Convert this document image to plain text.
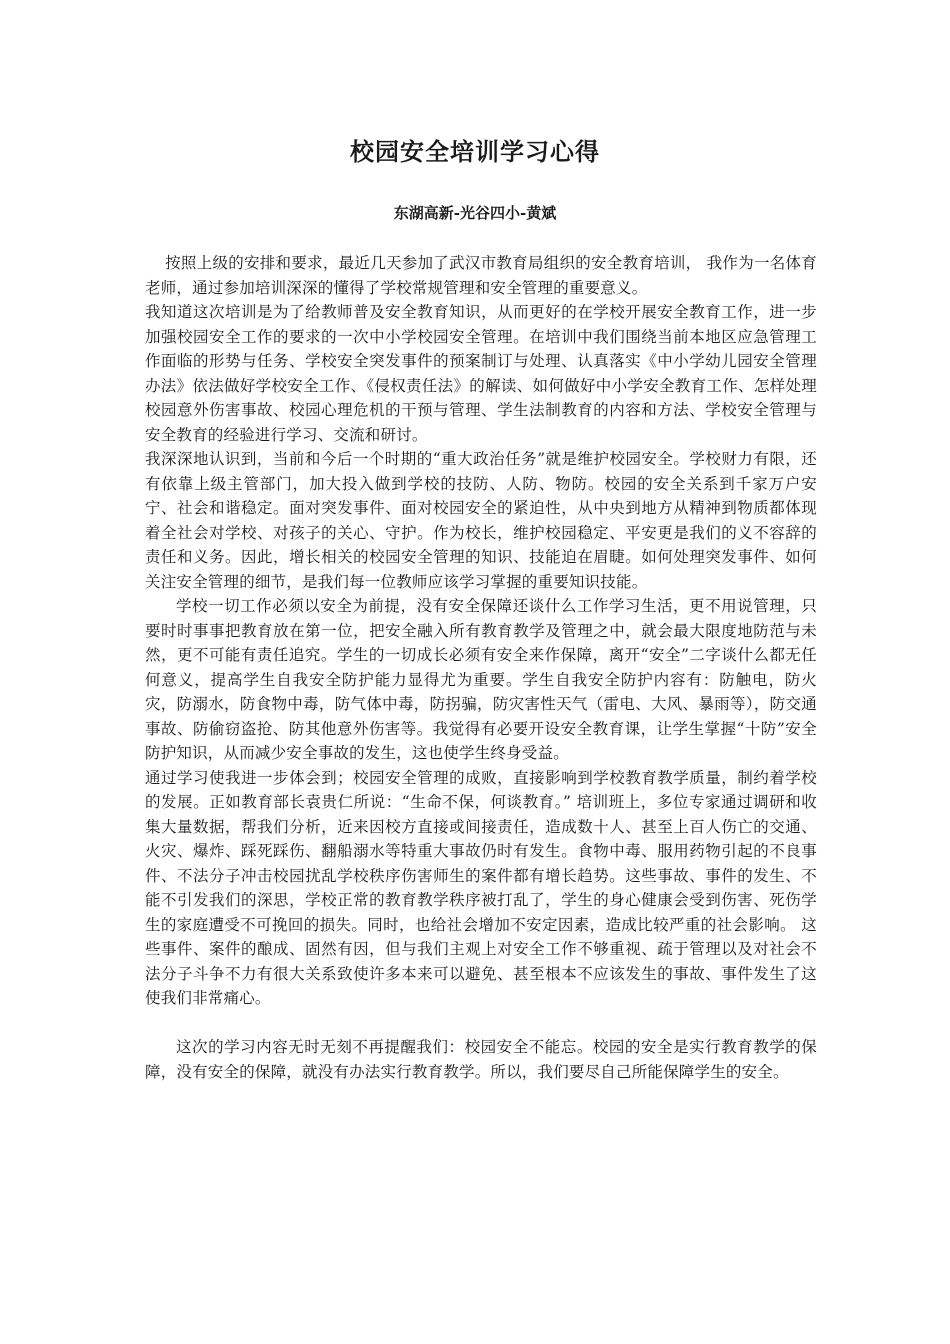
校园安全培训学习心得
东湖高新-光谷四小-黄斌

按照上级的安排和要求，最近几天参加了武汉市教育局组织的安全教育培训， 我作为一名体育老师，通过参加培训深深的懂得了学校常规管理和安全管理的重要意义。

我知道这次培训是为了给教师普及安全教育知识，从而更好的在学校开展安全教育工作，进一步加强校园安全工作的要求的一次中小学校园安全管理。在培训中我们围绕当前本地区应急管理工作面临的形势与任务、学校安全突发事件的预案制订与处理、认真落实《中小学幼儿园安全管理办法》依法做好学校安全工作、《侵权责任法》的解读、如何做好中小学安全教育工作、怎样处理校园意外伤害事故、校园心理危机的干预与管理、学生法制教育的内容和方法、学校安全管理与安全教育的经验进行学习、交流和研讨。

我深深地认识到，当前和今后一个时期的“重大政治任务”就是维护校园安全。学校财力有限，还有依靠上级主管部门，加大投入做到学校的技防、人防、物防。校园的安全关系到千家万户安宁、社会和谐稳定。面对突发事件、面对校园安全的紧迫性，从中央到地方从精神到物质都体现着全社会对学校、对孩子的关心、守护。作为校长，维护校园稳定、平安更是我们的义不容辞的责任和义务。因此，增长相关的校园安全管理的知识、技能迫在眉睫。如何处理突发事件、如何关注安全管理的细节，是我们每一位教师应该学习掌握的重要知识技能。

学校一切工作必须以安全为前提，没有安全保障还谈什么工作学习生活，更不用说管理，只要时时事事把教育放在第一位，把安全融入所有教育教学及管理之中，就会最大限度地防范与未然，更不可能有责任追究。学生的一切成长必须有安全来作保障，离开“安全”二字谈什么都无任何意义，提高学生自我安全防护能力显得尤为重要。学生自我安全防护内容有：防触电，防火灾，防溺水，防食物中毒，防气体中毒，防拐骗，防灾害性天气（雷电、大风、暴雨等），防交通事故、防偷窃盗抢、防其他意外伤害等。我觉得有必要开设安全教育课，让学生掌握“十防”安全防护知识，从而减少安全事故的发生，这也使学生终身受益。

通过学习使我进一步体会到；校园安全管理的成败，直接影响到学校教育教学质量，制约着学校的发展。正如教育部长袁贵仁所说：“生命不保，何谈教育。” 培训班上，多位专家通过调研和收集大量数据，帮我们分析，近来因校方直接或间接责任，造成数十人、甚至上百人伤亡的交通、火灾、爆炸、踩死踩伤、翻船溺水等特重大事故仍时有发生。食物中毒、服用药物引起的不良事件、不法分子冲击校园扰乱学校秩序伤害师生的案件都有增长趋势。这些事故、事件的发生、不能不引发我们的深思，学校正常的教育教学秩序被打乱了，学生的身心健康会受到伤害、死伤学生的家庭遭受不可挽回的损失。同时，也给社会增加不安定因素，造成比较严重的社会影响。 这些事件、案件的酿成、固然有因，但与我们主观上对安全工作不够重视、疏于管理以及对社会不法分子斗争不力有很大关系致使许多本来可以避免、甚至根本不应该发生的事故、事件发生了这使我们非常痛心。

这次的学习内容无时无刻不再提醒我们：校园安全不能忘。校园的安全是实行教育教学的保障，没有安全的保障，就没有办法实行教育教学。所以，我们要尽自己所能保障学生的安全。
